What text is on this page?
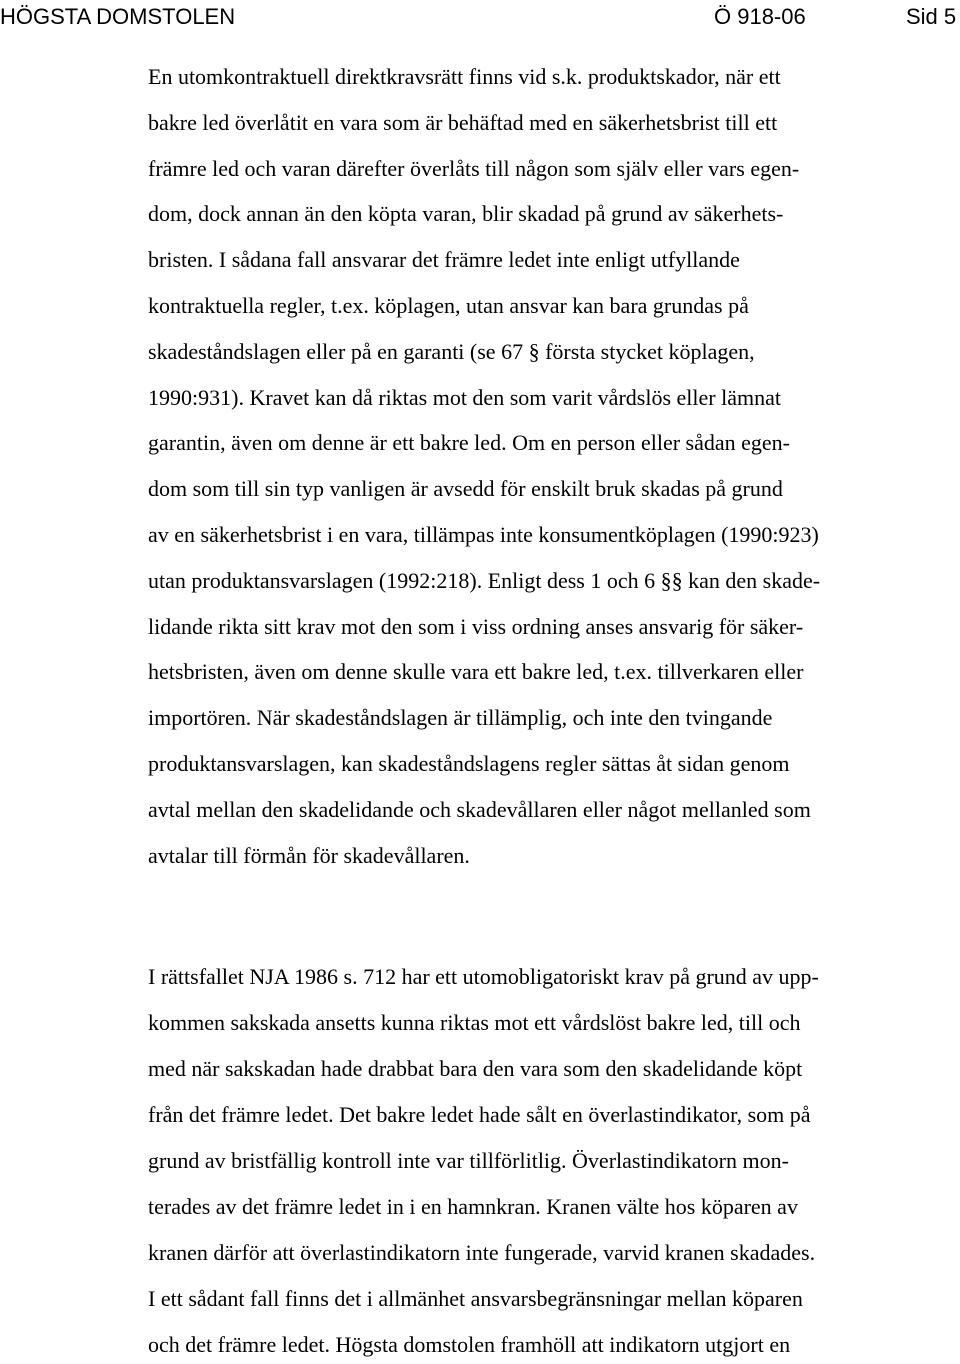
HÖGSTA DOMSTOLEN	Ö 918-06	Sid 5
En utomkontraktuell direktkravsrätt finns vid s.k. produktskador, när ett
bakre led överlåtit en vara som är behäftad med en säkerhetsbrist till ett
främre led och varan därefter överlåts till någon som själv eller vars egen-
dom, dock annan än den köpta varan, blir skadad på grund av säkerhets-
bristen. I sådana fall ansvarar det främre ledet inte enligt utfyllande
kontraktuella regler, t.ex. köplagen, utan ansvar kan bara grundas på
skadeståndslagen eller på en garanti (se 67 § första stycket köplagen,
1990:931). Kravet kan då riktas mot den som varit vårdslös eller lämnat
garantin, även om denne är ett bakre led. Om en person eller sådan egen-
dom som till sin typ vanligen är avsedd för enskilt bruk skadas på grund
av en säkerhetsbrist i en vara, tillämpas inte konsumentköplagen (1990:923)
utan produktansvarslagen (1992:218). Enligt dess 1 och 6 §§ kan den skade-
lidande rikta sitt krav mot den som i viss ordning anses ansvarig för säker-
hetsbristen, även om denne skulle vara ett bakre led, t.ex. tillverkaren eller
importören. När skadeståndslagen är tillämplig, och inte den tvingande
produktansvarslagen, kan skadeståndslagens regler sättas åt sidan genom
avtal mellan den skadelidande och skadevållaren eller något mellanled som
avtalar till förmån för skadevållaren.
I rättsfallet NJA 1986 s. 712 har ett utomobligatoriskt krav på grund av upp-
kommen sakskada ansetts kunna riktas mot ett vårdslöst bakre led, till och
med när sakskadan hade drabbat bara den vara som den skadelidande köpt
från det främre ledet. Det bakre ledet hade sålt en överlastindikator, som på
grund av bristfällig kontroll inte var tillförlitlig. Överlastindikatorn mon-
terades av det främre ledet in i en hamnkran. Kranen välte hos köparen av
kranen därför att överlastindikatorn inte fungerade, varvid kranen skadades.
I ett sådant fall finns det i allmänhet ansvarsbegränsningar mellan köparen
och det främre ledet. Högsta domstolen framhöll att indikatorn utgjort en
